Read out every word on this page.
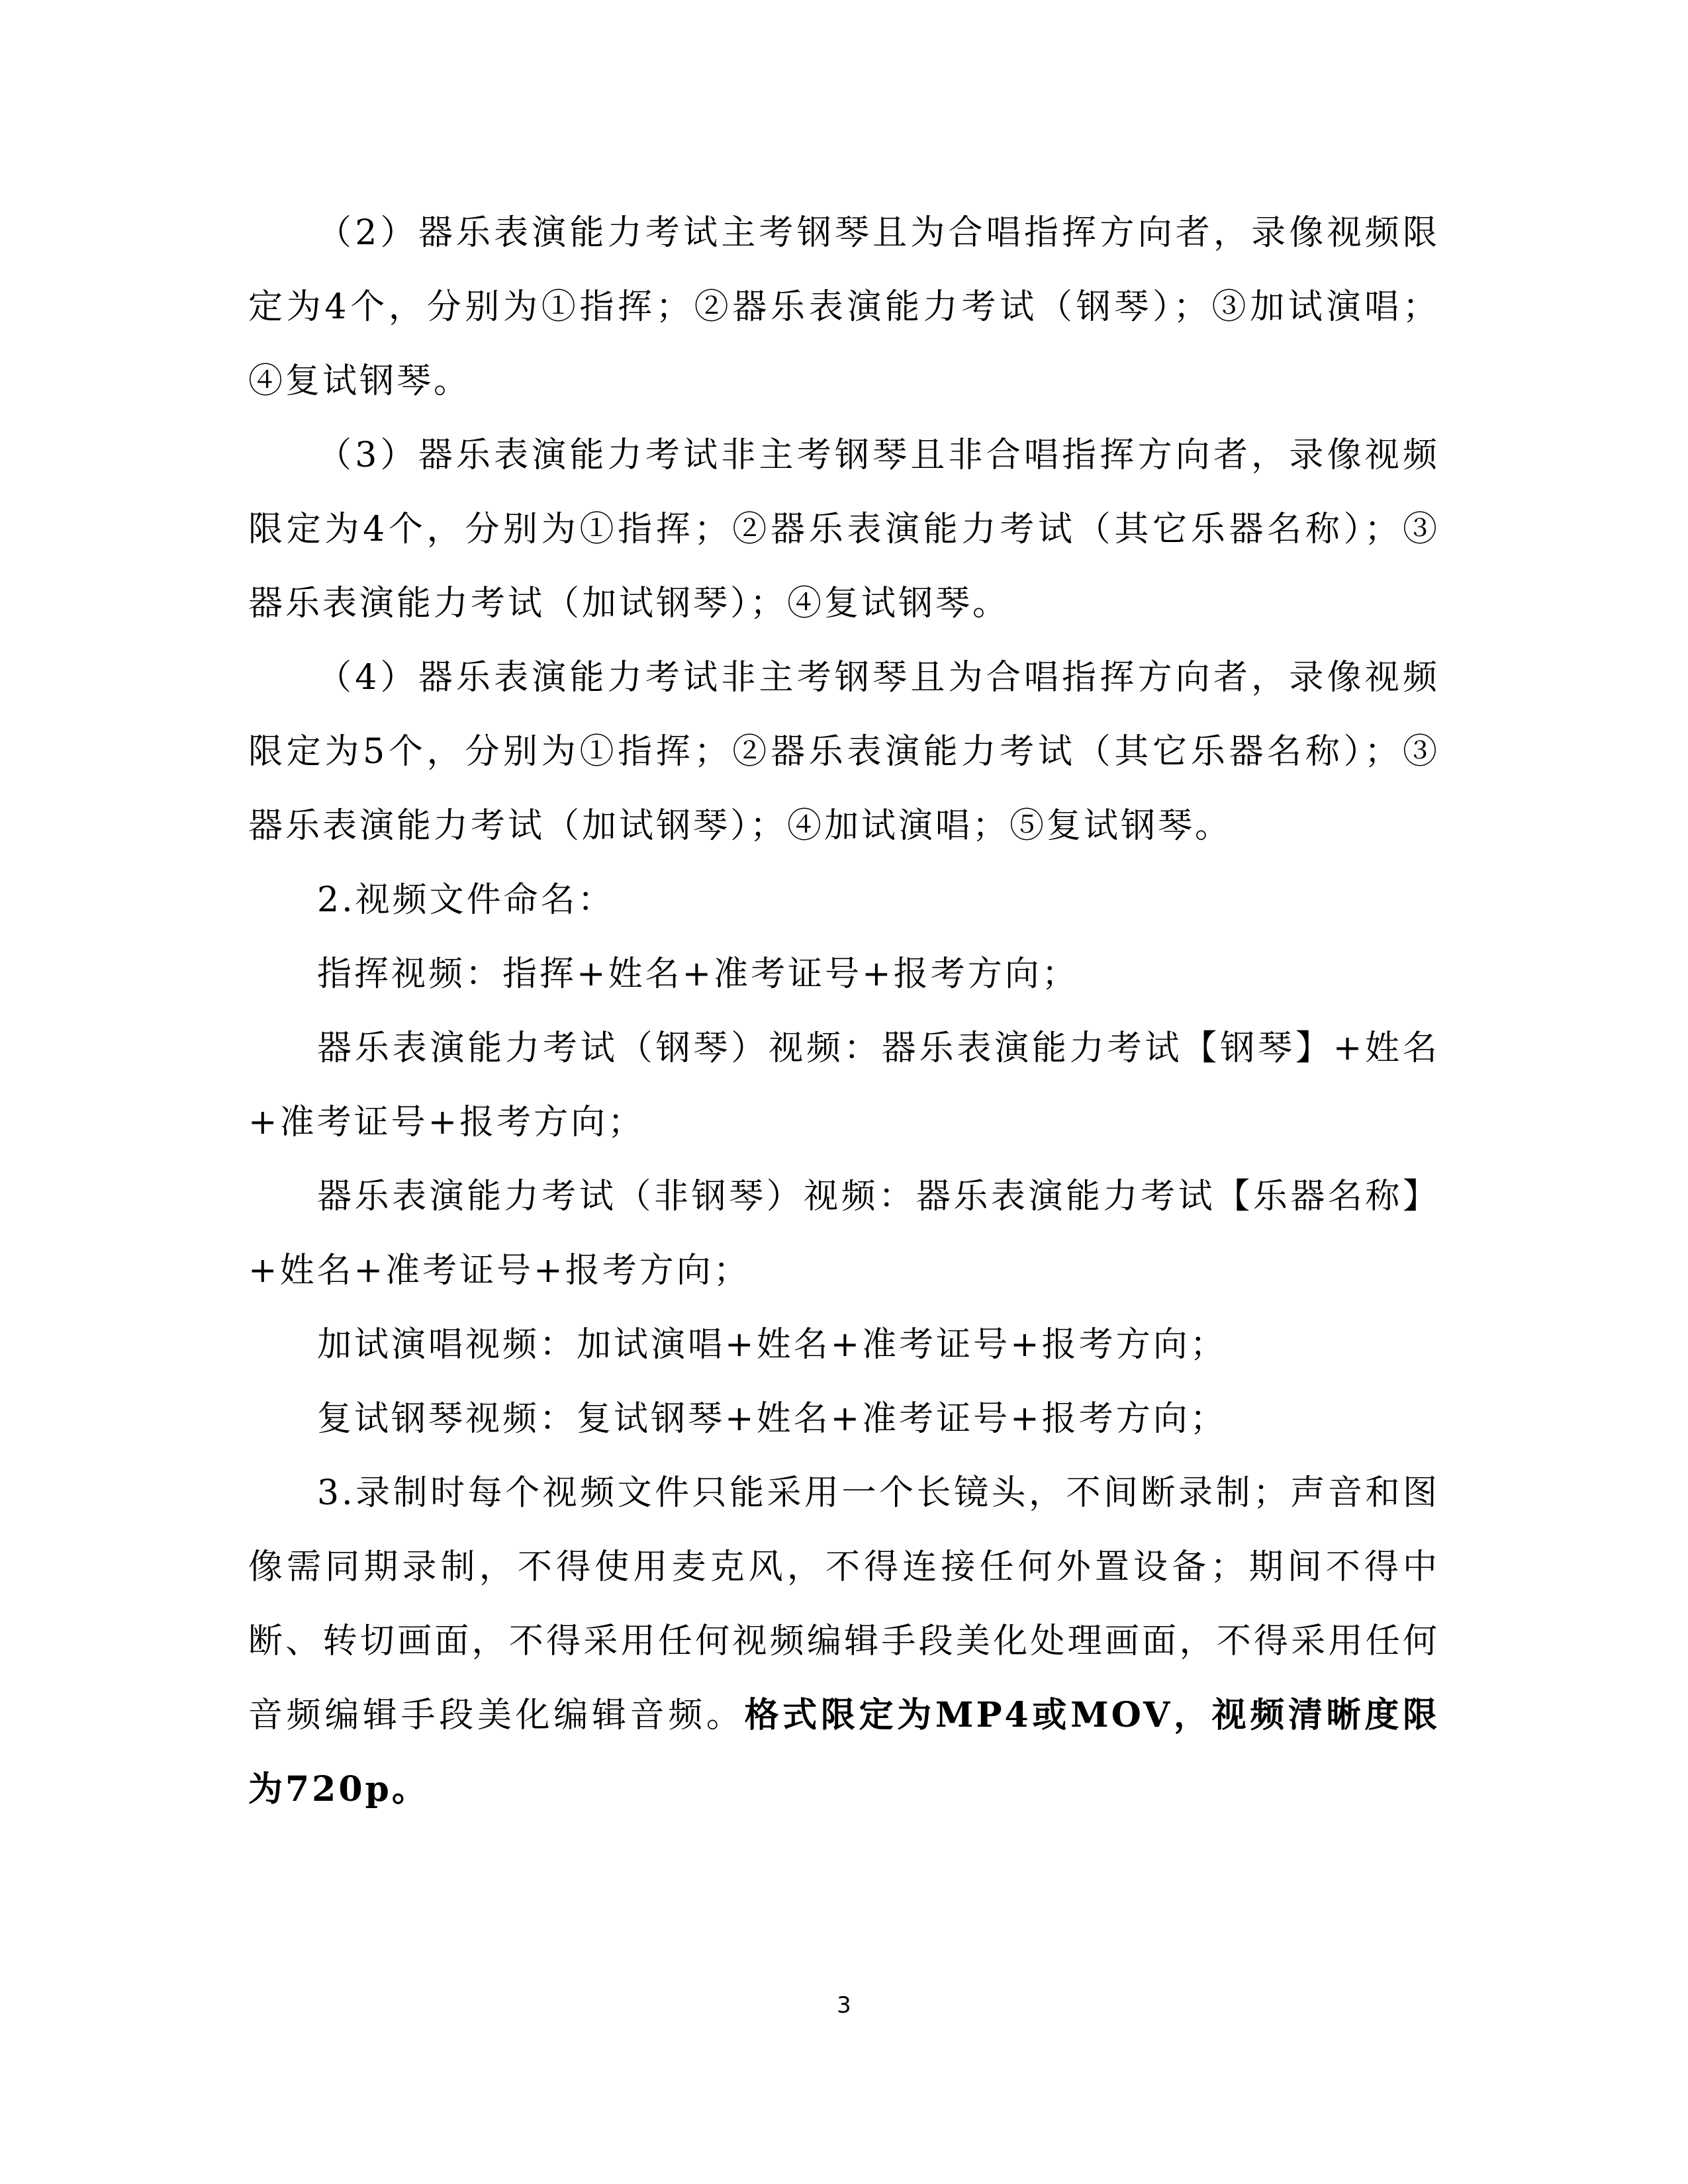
（2）器乐表演能力考试主考钢琴且为合唱指挥方向者，录像视频限定为4个，分别为①指挥；②器乐表演能力考试（钢琴）；③加试演唱；④复试钢琴。

（3）器乐表演能力考试非主考钢琴且非合唱指挥方向者，录像视频限定为4个，分别为①指挥；②器乐表演能力考试（其它乐器名称）；③器乐表演能力考试（加试钢琴）；④复试钢琴。

（4）器乐表演能力考试非主考钢琴且为合唱指挥方向者，录像视频限定为5个，分别为①指挥；②器乐表演能力考试（其它乐器名称）；③器乐表演能力考试（加试钢琴）；④加试演唱；⑤复试钢琴。

2.视频文件命名：

指挥视频：指挥+姓名+准考证号+报考方向；

器乐表演能力考试（钢琴）视频：器乐表演能力考试【钢琴】+姓名+准考证号+报考方向；

器乐表演能力考试（非钢琴）视频：器乐表演能力考试【乐器名称】+姓名+准考证号+报考方向；

加试演唱视频：加试演唱+姓名+准考证号+报考方向；

复试钢琴视频：复试钢琴+姓名+准考证号+报考方向；

3.录制时每个视频文件只能采用一个长镜头，不间断录制；声音和图像需同期录制，不得使用麦克风，不得连接任何外置设备；期间不得中断、转切画面，不得采用任何视频编辑手段美化处理画面，不得采用任何音频编辑手段美化编辑音频。格式限定为MP4或MOV，视频清晰度限为720p。

3
